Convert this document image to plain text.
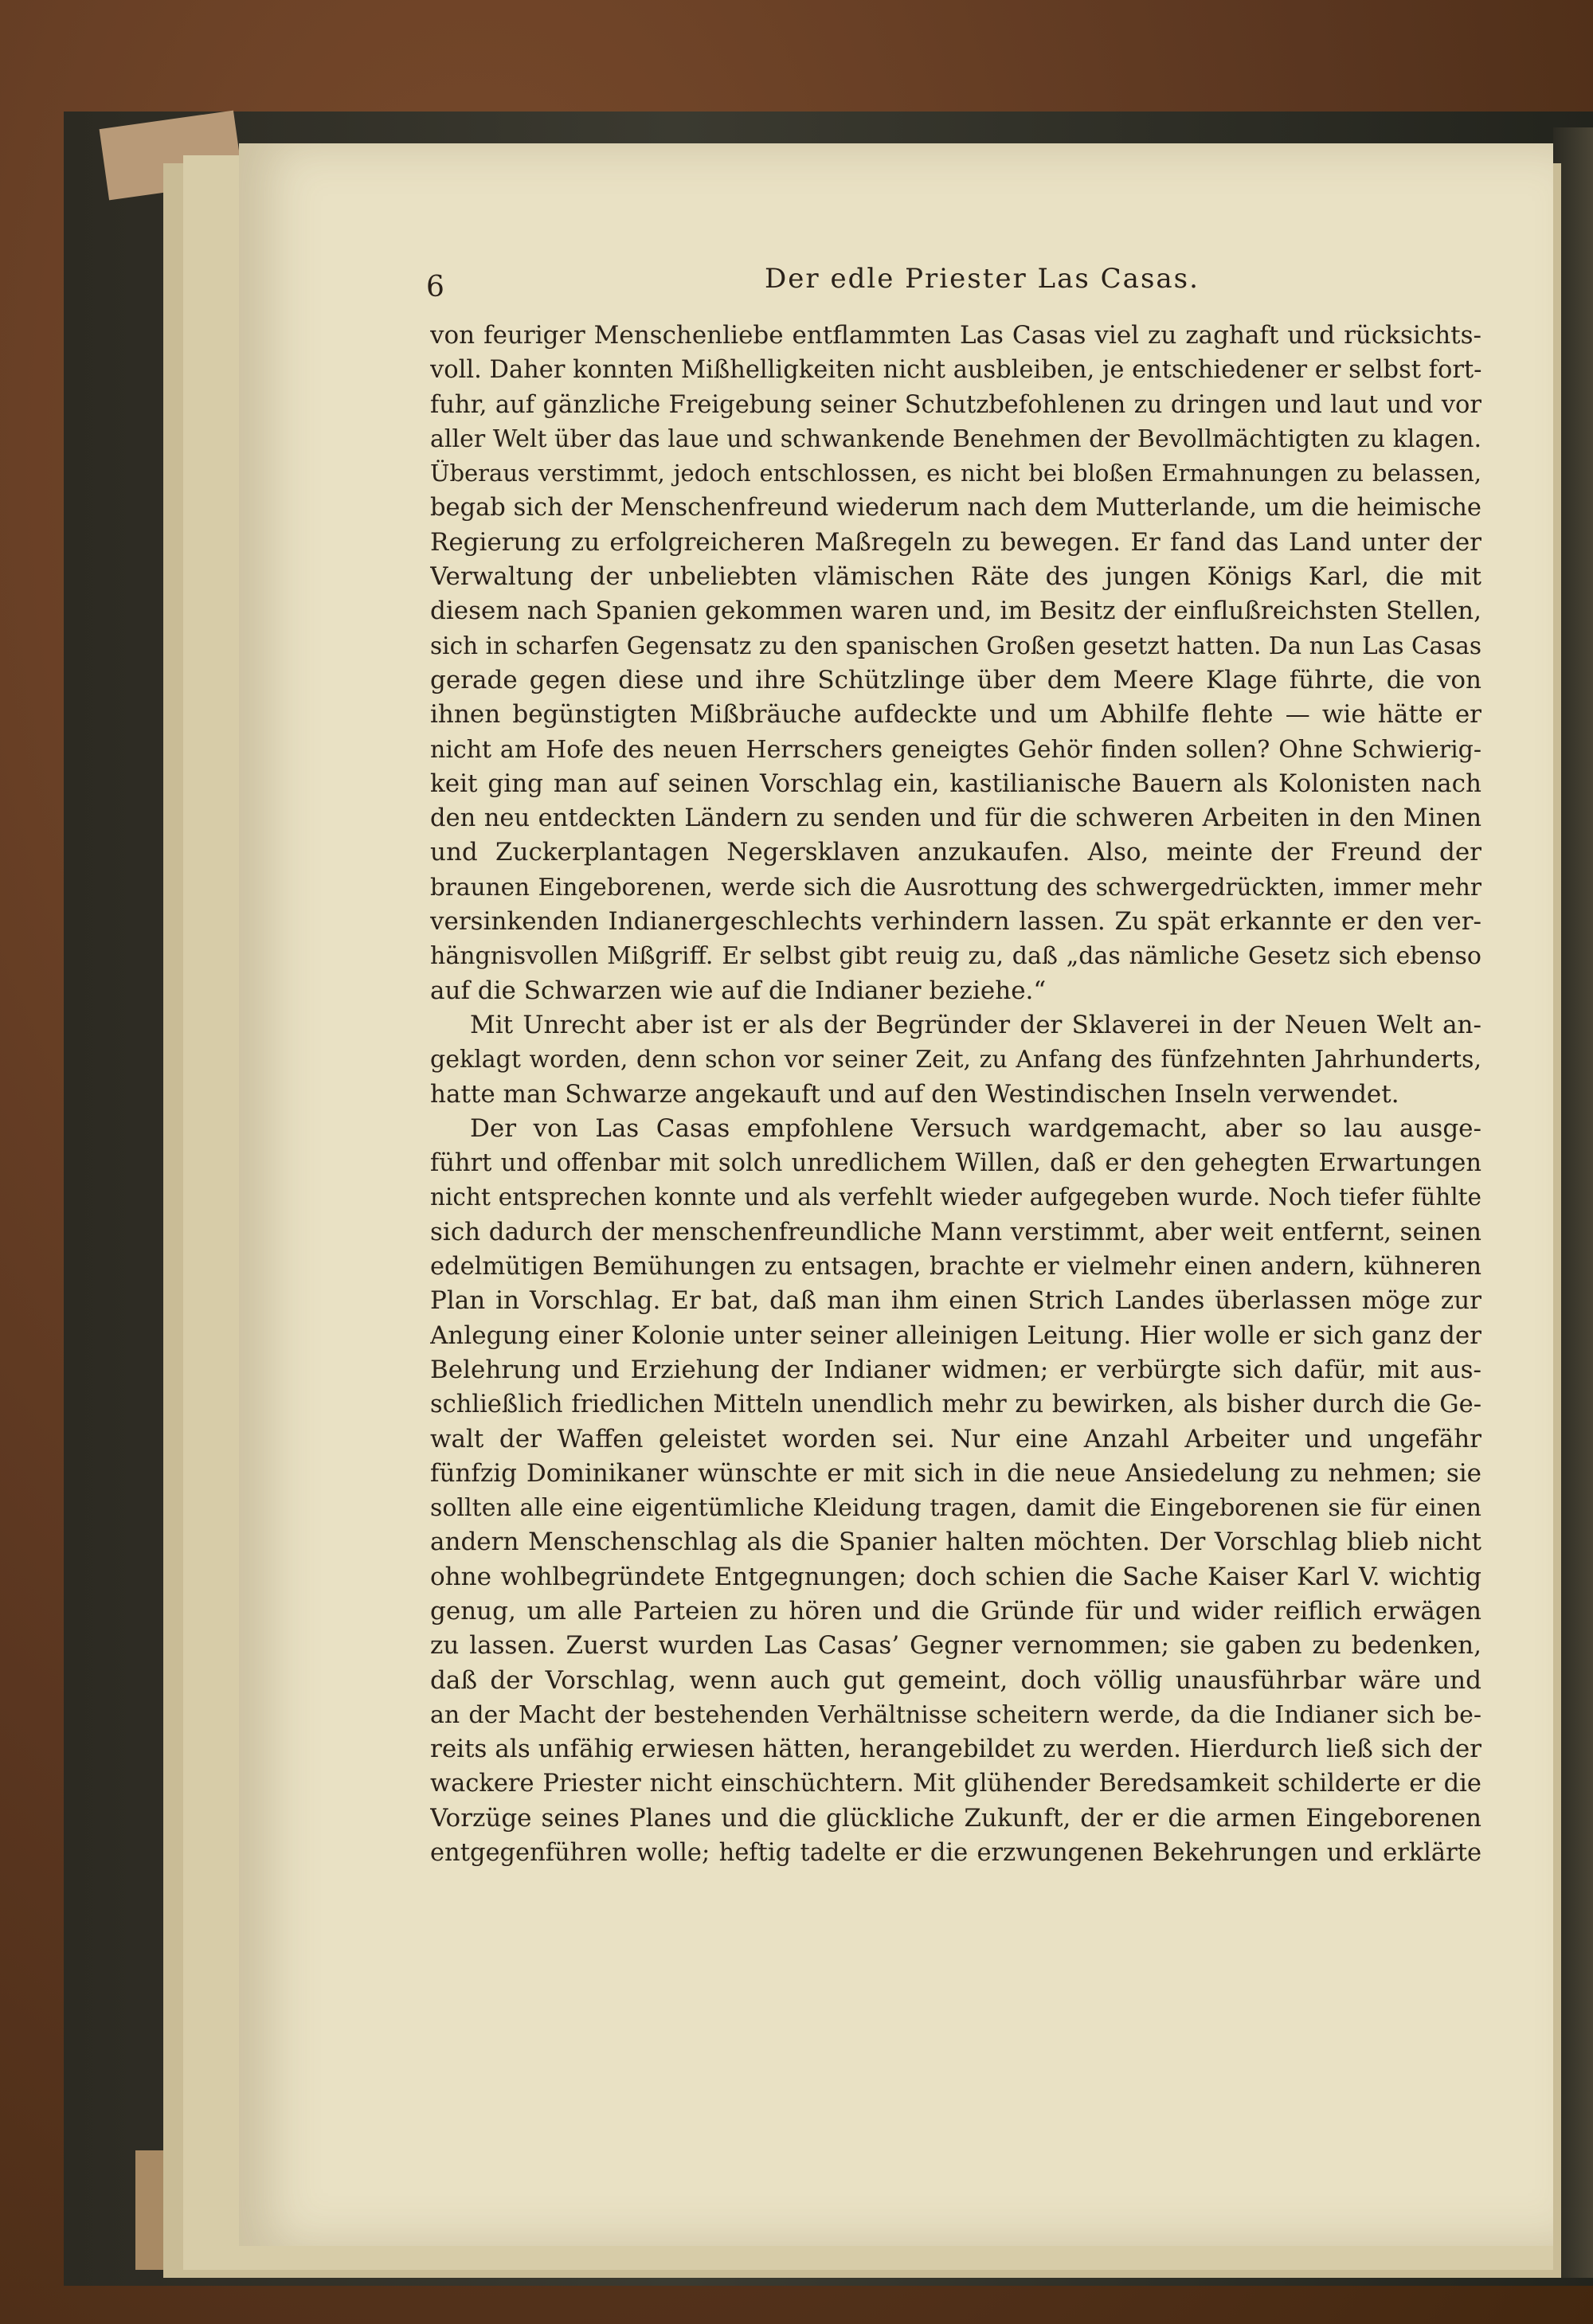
6	Der edle Priester Las Casas.
von feuriger Menschenliebe entflammten Las Casas viel zu zaghaft und rücksichts-
voll. Daher konnten Mißhelligkeiten nicht ausbleiben, je entschiedener er selbst fort-
fuhr, auf gänzliche Freigebung seiner Schutzbefohlenen zu dringen und laut und vor
aller Welt über das laue und schwankende Benehmen der Bevollmächtigten zu klagen.
Überaus verstimmt, jedoch entschlossen, es nicht bei bloßen Ermahnungen zu belassen,
begab sich der Menschenfreund wiederum nach dem Mutterlande, um die heimische
Regierung zu erfolgreicheren Maßregeln zu bewegen. Er fand das Land unter der
Verwaltung der unbeliebten vlämischen Räte des jungen Königs Karl, die mit
diesem nach Spanien gekommen waren und, im Besitz der einflußreichsten Stellen,
sich in scharfen Gegensatz zu den spanischen Großen gesetzt hatten. Da nun Las Casas
gerade gegen diese und ihre Schützlinge über dem Meere Klage führte, die von
ihnen begünstigten Mißbräuche aufdeckte und um Abhilfe flehte — wie hätte er
nicht am Hofe des neuen Herrschers geneigtes Gehör finden sollen? Ohne Schwierig-
keit ging man auf seinen Vorschlag ein, kastilianische Bauern als Kolonisten nach
den neu entdeckten Ländern zu senden und für die schweren Arbeiten in den Minen
und Zuckerplantagen Negersklaven anzukaufen. Also, meinte der Freund der
braunen Eingeborenen, werde sich die Ausrottung des schwergedrückten, immer mehr
versinkenden Indianergeschlechts verhindern lassen. Zu spät erkannte er den ver-
hängnisvollen Mißgriff. Er selbst gibt reuig zu, daß „das nämliche Gesetz sich ebenso
auf die Schwarzen wie auf die Indianer beziehe.“
Mit Unrecht aber ist er als der Begründer der Sklaverei in der Neuen Welt an-
geklagt worden, denn schon vor seiner Zeit, zu Anfang des fünfzehnten Jahrhunderts,
hatte man Schwarze angekauft und auf den Westindischen Inseln verwendet.
Der von Las Casas empfohlene Versuch wardgemacht, aber so lau ausge-
führt und offenbar mit solch unredlichem Willen, daß er den gehegten Erwartungen
nicht entsprechen konnte und als verfehlt wieder aufgegeben wurde. Noch tiefer fühlte
sich dadurch der menschenfreundliche Mann verstimmt, aber weit entfernt, seinen
edelmütigen Bemühungen zu entsagen, brachte er vielmehr einen andern, kühneren
Plan in Vorschlag. Er bat, daß man ihm einen Strich Landes überlassen möge zur
Anlegung einer Kolonie unter seiner alleinigen Leitung. Hier wolle er sich ganz der
Belehrung und Erziehung der Indianer widmen; er verbürgte sich dafür, mit aus-
schließlich friedlichen Mitteln unendlich mehr zu bewirken, als bisher durch die Ge-
walt der Waffen geleistet worden sei. Nur eine Anzahl Arbeiter und ungefähr
fünfzig Dominikaner wünschte er mit sich in die neue Ansiedelung zu nehmen; sie
sollten alle eine eigentümliche Kleidung tragen, damit die Eingeborenen sie für einen
andern Menschenschlag als die Spanier halten möchten. Der Vorschlag blieb nicht
ohne wohlbegründete Entgegnungen; doch schien die Sache Kaiser Karl V. wichtig
genug, um alle Parteien zu hören und die Gründe für und wider reiflich erwägen
zu lassen. Zuerst wurden Las Casas’ Gegner vernommen; sie gaben zu bedenken,
daß der Vorschlag, wenn auch gut gemeint, doch völlig unausführbar wäre und
an der Macht der bestehenden Verhältnisse scheitern werde, da die Indianer sich be-
reits als unfähig erwiesen hätten, herangebildet zu werden. Hierdurch ließ sich der
wackere Priester nicht einschüchtern. Mit glühender Beredsamkeit schilderte er die
Vorzüge seines Planes und die glückliche Zukunft, der er die armen Eingeborenen
entgegenführen wolle; heftig tadelte er die erzwungenen Bekehrungen und erklärte
